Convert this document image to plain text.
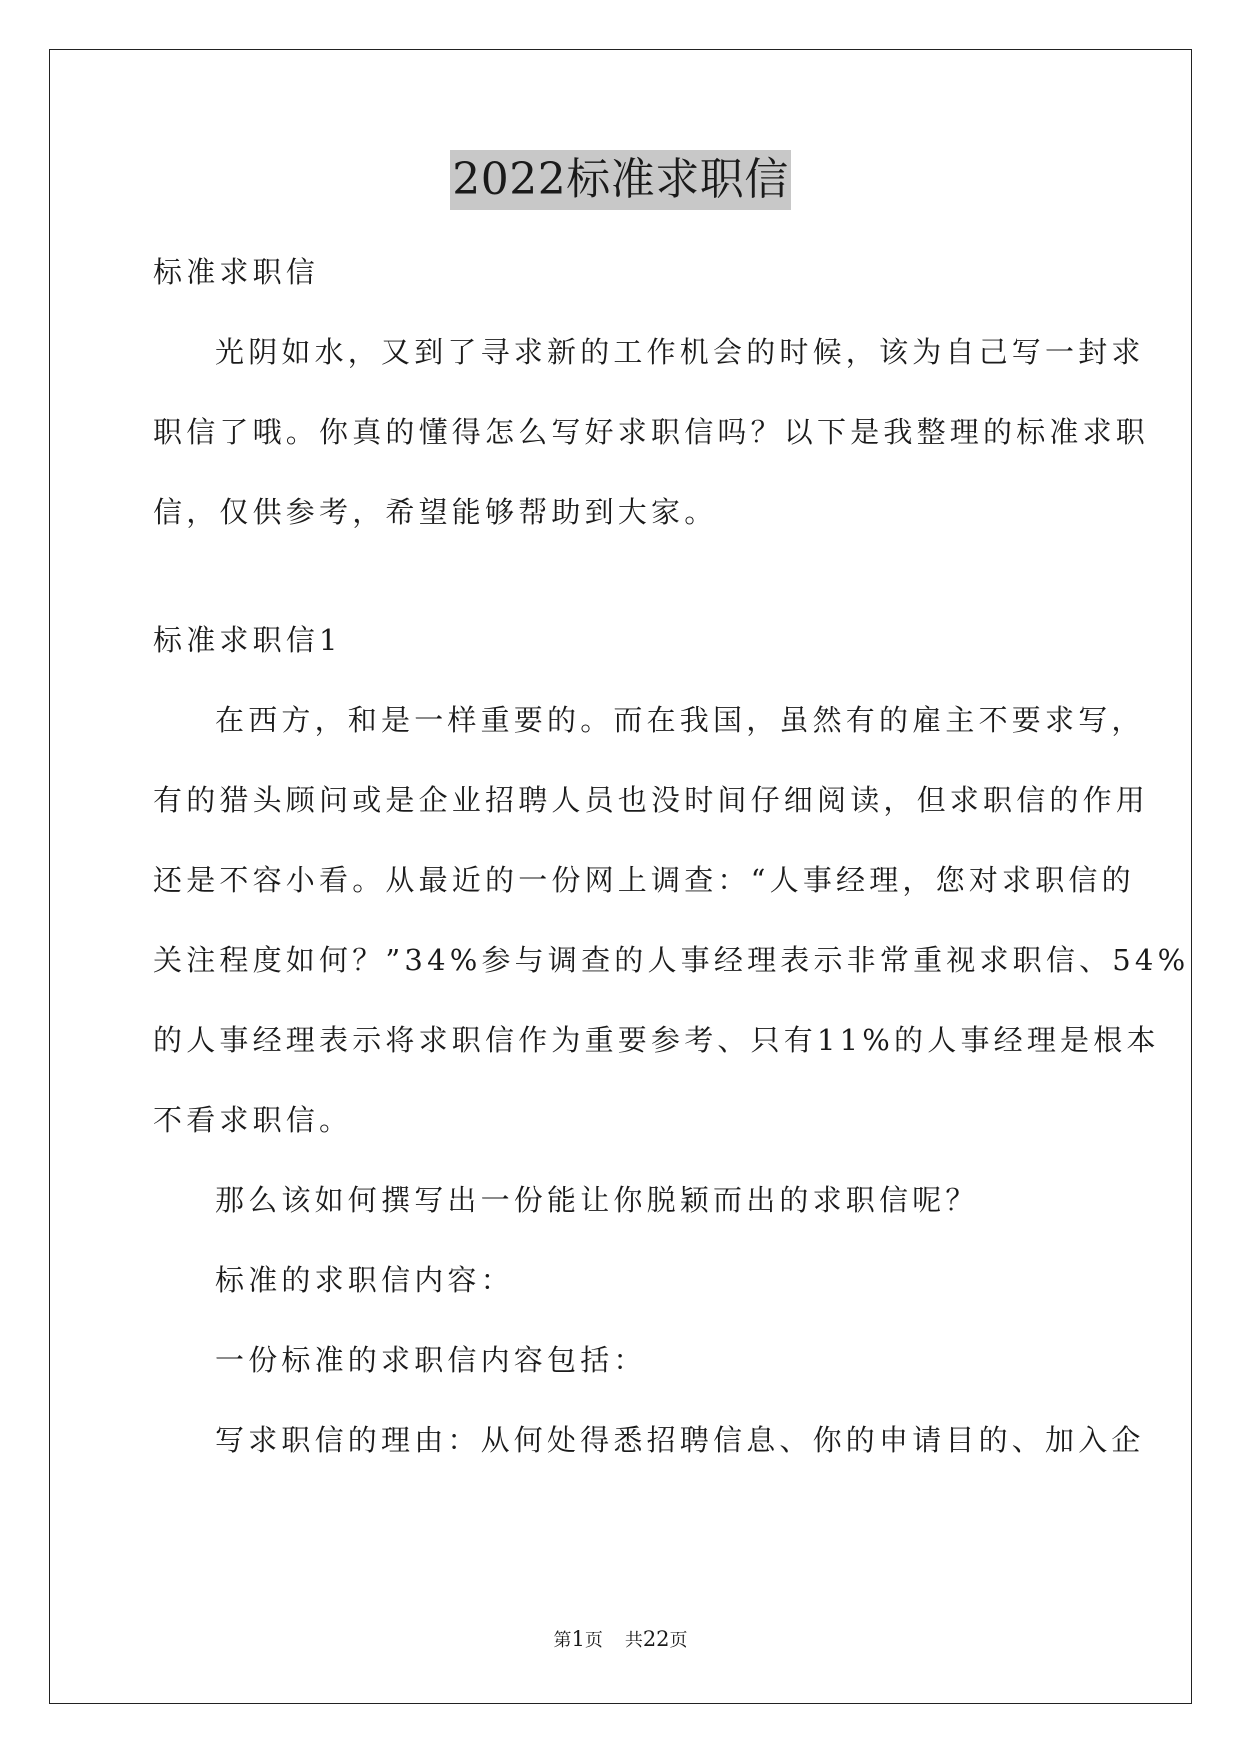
2022标准求职信
标准求职信
光阴如水，又到了寻求新的工作机会的时候，该为自己写一封求
职信了哦。你真的懂得怎么写好求职信吗？以下是我整理的标准求职
信，仅供参考，希望能够帮助到大家。
标准求职信1
在西方，和是一样重要的。而在我国，虽然有的雇主不要求写，
有的猎头顾问或是企业招聘人员也没时间仔细阅读，但求职信的作用
还是不容小看。从最近的一份网上调查：“人事经理，您对求职信的
关注程度如何？”34%参与调查的人事经理表示非常重视求职信、54%
的人事经理表示将求职信作为重要参考、只有11%的人事经理是根本
不看求职信。
那么该如何撰写出一份能让你脱颖而出的求职信呢？
标准的求职信内容：
一份标准的求职信内容包括：
写求职信的理由：从何处得悉招聘信息、你的申请目的、加入企
第1页 共22页
